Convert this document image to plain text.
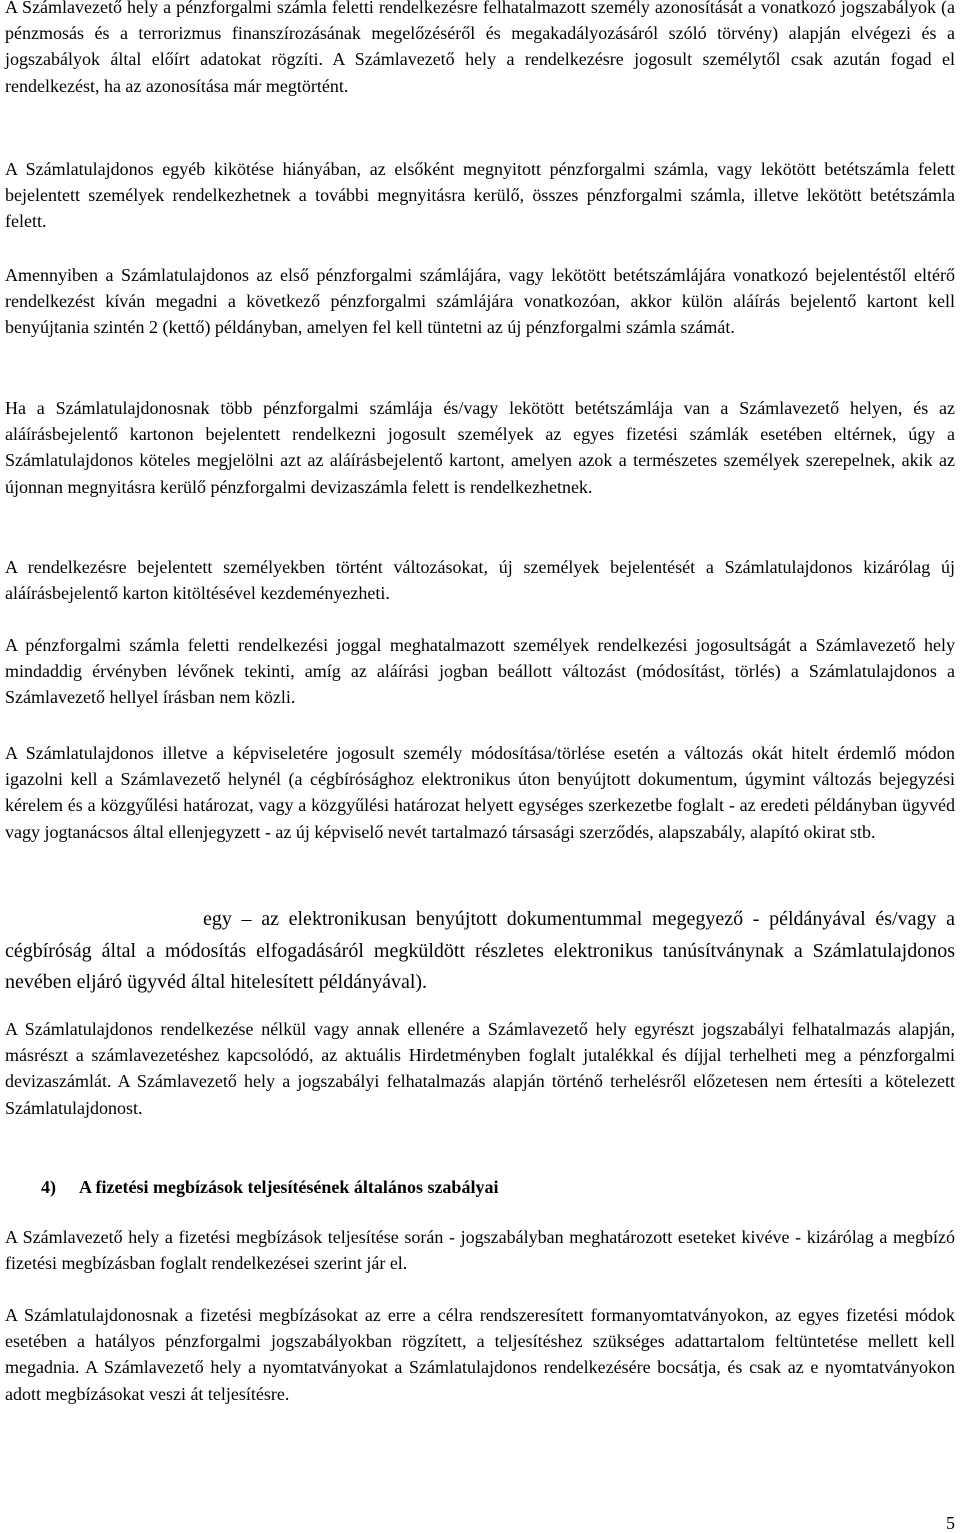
A Számlavezető hely a pénzforgalmi számla feletti rendelkezésre felhatalmazott személy azonosítását a vonatkozó jogszabályok (a pénzmosás és a terrorizmus finanszírozásának megelőzéséről és megakadályozásáról szóló törvény) alapján elvégezi és a jogszabályok által előírt adatokat rögzíti. A Számlavezető hely a rendelkezésre jogosult személytől csak azután fogad el rendelkezést, ha az azonosítása már megtörtént.

A Számlatulajdonos egyéb kikötése hiányában, az elsőként megnyitott pénzforgalmi számla, vagy lekötött betétszámla felett bejelentett személyek rendelkezhetnek a további megnyitásra kerülő, összes pénzforgalmi számla, illetve lekötött betétszámla felett.

Amennyiben a Számlatulajdonos az első pénzforgalmi számlájára, vagy lekötött betétszámlájára vonatkozó bejelentéstől eltérő rendelkezést kíván megadni a következő pénzforgalmi számlájára vonatkozóan, akkor külön aláírás bejelentő kartont kell benyújtania szintén 2 (kettő) példányban, amelyen fel kell tüntetni az új pénzforgalmi számla számát.

Ha a Számlatulajdonosnak több pénzforgalmi számlája és/vagy lekötött betétszámlája van a Számlavezető helyen, és az aláírásbejelentő kartonon bejelentett rendelkezni jogosult személyek az egyes fizetési számlák esetében eltérnek, úgy a Számlatulajdonos köteles megjelölni azt az aláírásbejelentő kartont, amelyen azok a természetes személyek szerepelnek, akik az újonnan megnyitásra kerülő pénzforgalmi devizaszámla felett is rendelkezhetnek.

A rendelkezésre bejelentett személyekben történt változásokat, új személyek bejelentését a Számlatulajdonos kizárólag új aláírásbejelentő karton kitöltésével kezdeményezheti.

A pénzforgalmi számla feletti rendelkezési joggal meghatalmazott személyek rendelkezési jogosultságát a Számlavezető hely mindaddig érvényben lévőnek tekinti, amíg az aláírási jogban beállott változást (módosítást, törlés) a Számlatulajdonos a Számlavezető hellyel írásban nem közli.

A Számlatulajdonos illetve a képviseletére jogosult személy módosítása/törlése esetén a változás okát hitelt érdemlő módon igazolni kell a Számlavezető helynél (a cégbírósághoz elektronikus úton benyújtott dokumentum, úgymint változás bejegyzési kérelem és a közgyűlési határozat, vagy a közgyűlési határozat helyett egységes szerkezetbe foglalt - az eredeti példányban ügyvéd vagy jogtanácsos által ellenjegyzett - az új képviselő nevét tartalmazó társasági szerződés, alapszabály, alapító okirat stb.

egy – az elektronikusan benyújtott dokumentummal megegyező - példányával és/vagy a cégbíróság által a módosítás elfogadásáról megküldött részletes elektronikus tanúsítványnak a Számlatulajdonos nevében eljáró ügyvéd által hitelesített példányával).

A Számlatulajdonos rendelkezése nélkül vagy annak ellenére a Számlavezető hely egyrészt jogszabályi felhatalmazás alapján, másrészt a számlavezetéshez kapcsolódó, az aktuális Hirdetményben foglalt jutalékkal és díjjal terhelheti meg a pénzforgalmi devizaszámlát. A Számlavezető hely a jogszabályi felhatalmazás alapján történő terhelésről előzetesen nem értesíti a kötelezett Számlatulajdonost.

4) A fizetési megbízások teljesítésének általános szabályai

A Számlavezető hely a fizetési megbízások teljesítése során - jogszabályban meghatározott eseteket kivéve - kizárólag a megbízó fizetési megbízásban foglalt rendelkezései szerint jár el.

A Számlatulajdonosnak a fizetési megbízásokat az erre a célra rendszeresített formanyomtatványokon, az egyes fizetési módok esetében a hatályos pénzforgalmi jogszabályokban rögzített, a teljesítéshez szükséges adattartalom feltüntetése mellett kell megadnia. A Számlavezető hely a nyomtatványokat a Számlatulajdonos rendelkezésére bocsátja, és csak az e nyomtatványokon adott megbízásokat veszi át teljesítésre.

5
